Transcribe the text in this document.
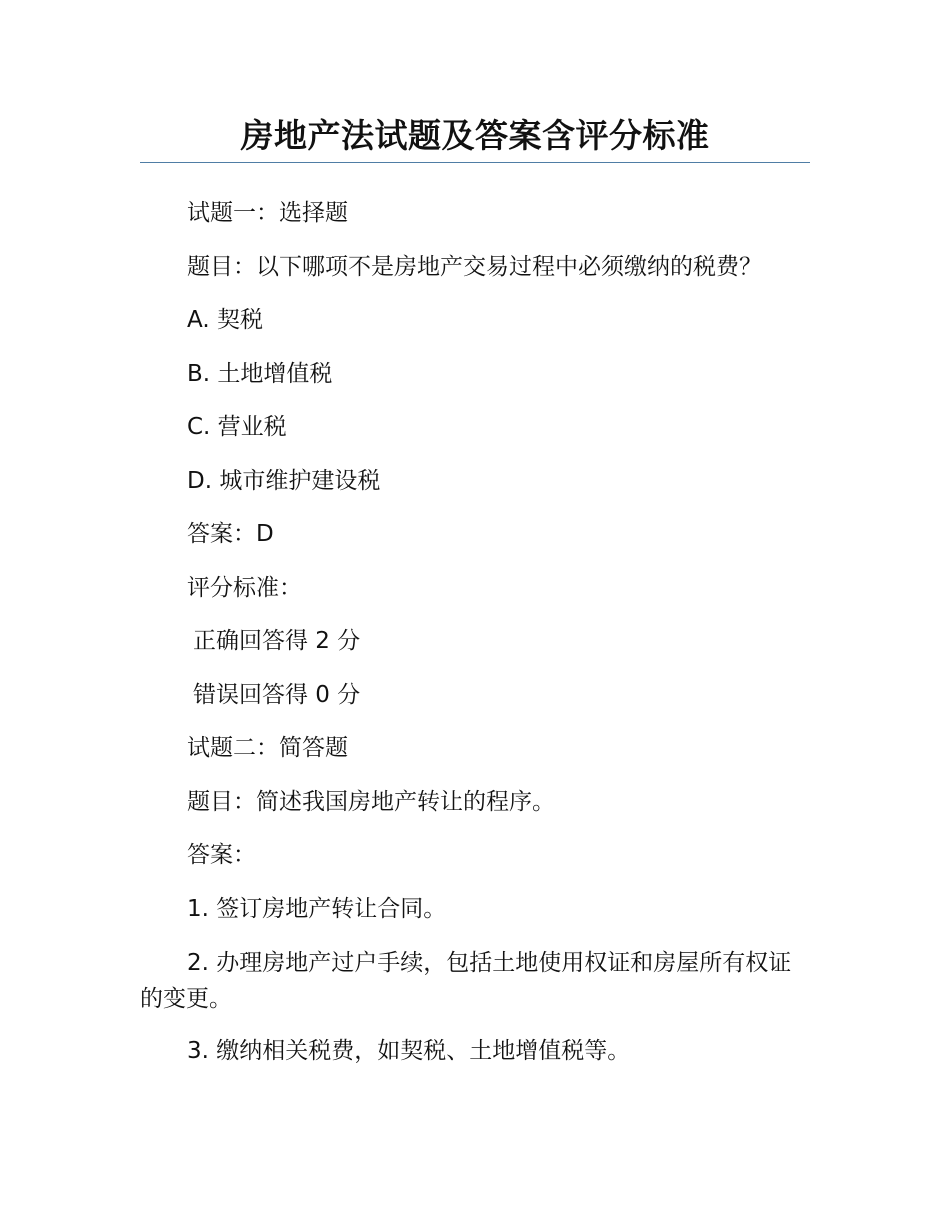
房地产法试题及答案含评分标准

试题一：选择题

题目：以下哪项不是房地产交易过程中必须缴纳的税费？

A. 契税

B. 土地增值税

C. 营业税

D. 城市维护建设税

答案：D

评分标准：

正确回答得 2 分

错误回答得 0 分

试题二：简答题

题目：简述我国房地产转让的程序。

答案：

1. 签订房地产转让合同。

2. 办理房地产过户手续，包括土地使用权证和房屋所有权证的变更。

3. 缴纳相关税费，如契税、土地增值税等。
